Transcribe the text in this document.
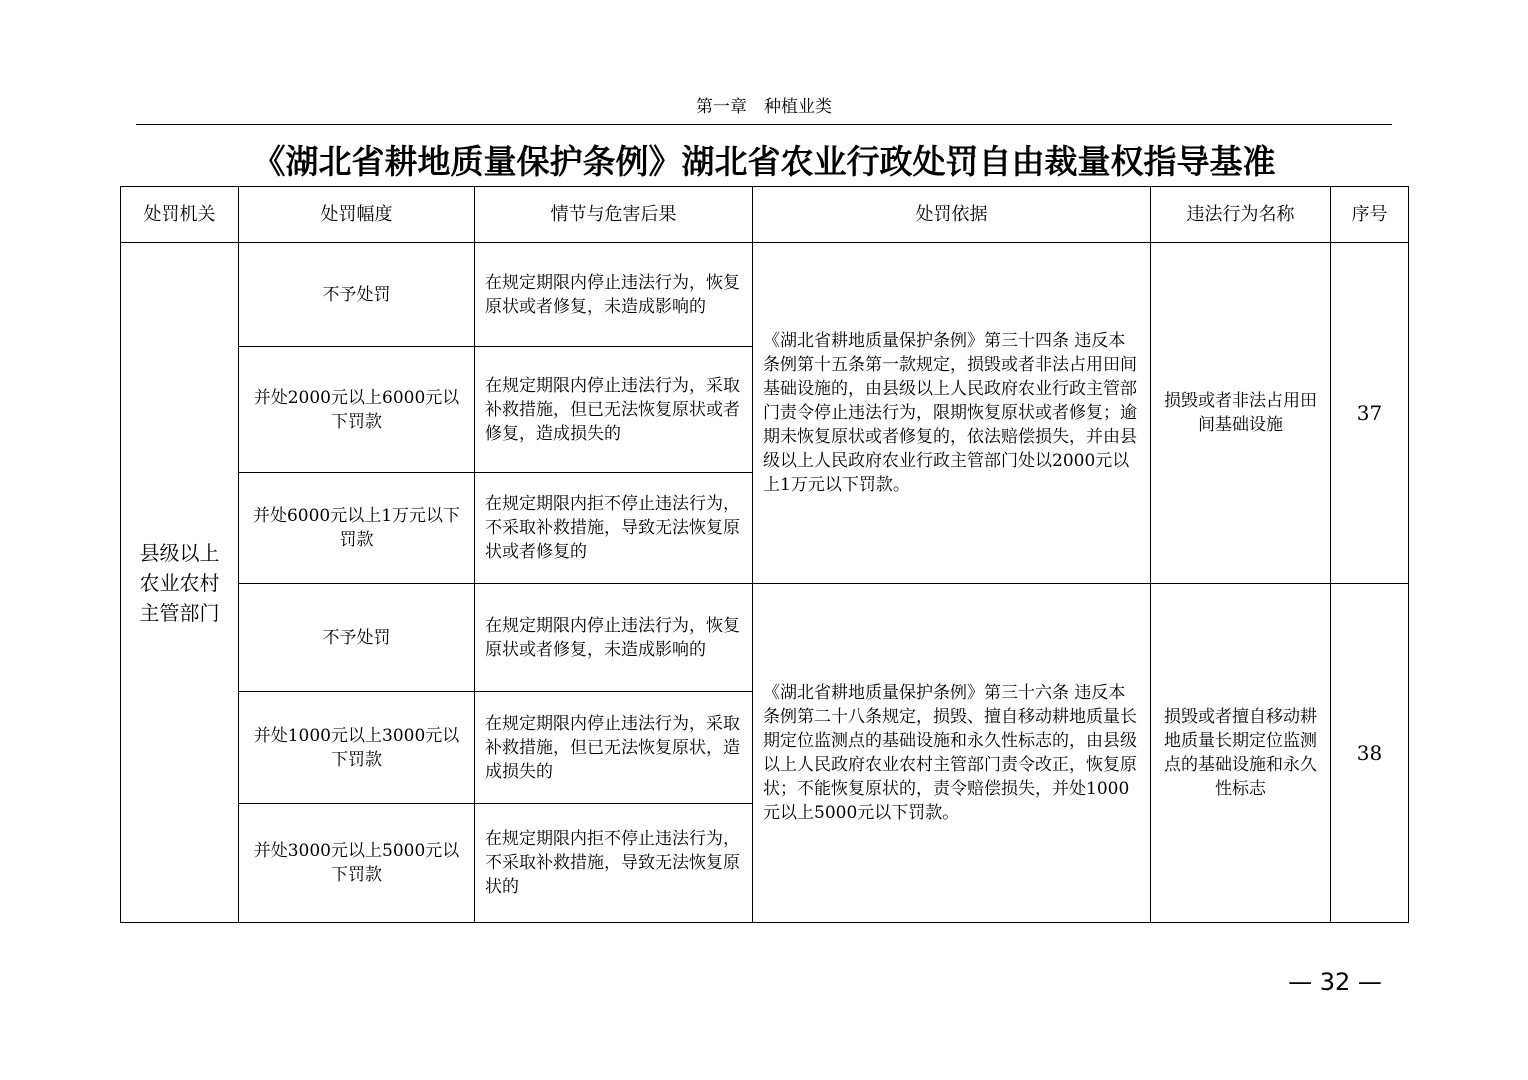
第一章　种植业类
《湖北省耕地质量保护条例》湖北省农业行政处罚自由裁量权指导基准
处罚机关	处罚幅度	情节与危害后果	处罚依据	违法行为名称	序号
县级以上农业农村主管部门	不予处罚	在规定期限内停止违法行为，恢复原状或者修复，未造成影响的	《湖北省耕地质量保护条例》第三十四条 违反本条例第十五条第一款规定，损毁或者非法占用田间基础设施的，由县级以上人民政府农业行政主管部门责令停止违法行为，限期恢复原状或者修复；逾期未恢复原状或者修复的，依法赔偿损失，并由县级以上人民政府农业行政主管部门处以2000元以上1万元以下罚款。	损毁或者非法占用田间基础设施	37
	并处2000元以上6000元以下罚款	在规定期限内停止违法行为，采取补救措施，但已无法恢复原状或者修复，造成损失的			
	并处6000元以上1万元以下罚款	在规定期限内拒不停止违法行为，不采取补救措施，导致无法恢复原状或者修复的			
	不予处罚	在规定期限内停止违法行为，恢复原状或者修复，未造成影响的	《湖北省耕地质量保护条例》第三十六条 违反本条例第二十八条规定，损毁、擅自移动耕地质量长期定位监测点的基础设施和永久性标志的，由县级以上人民政府农业农村主管部门责令改正，恢复原状；不能恢复原状的，责令赔偿损失，并处1000元以上5000元以下罚款。	损毁或者擅自移动耕地质量长期定位监测点的基础设施和永久性标志	38
	并处1000元以上3000元以下罚款	在规定期限内停止违法行为，采取补救措施，但已无法恢复原状，造成损失的			
	并处3000元以上5000元以下罚款	在规定期限内拒不停止违法行为，不采取补救措施，导致无法恢复原状的			
— 32 —
